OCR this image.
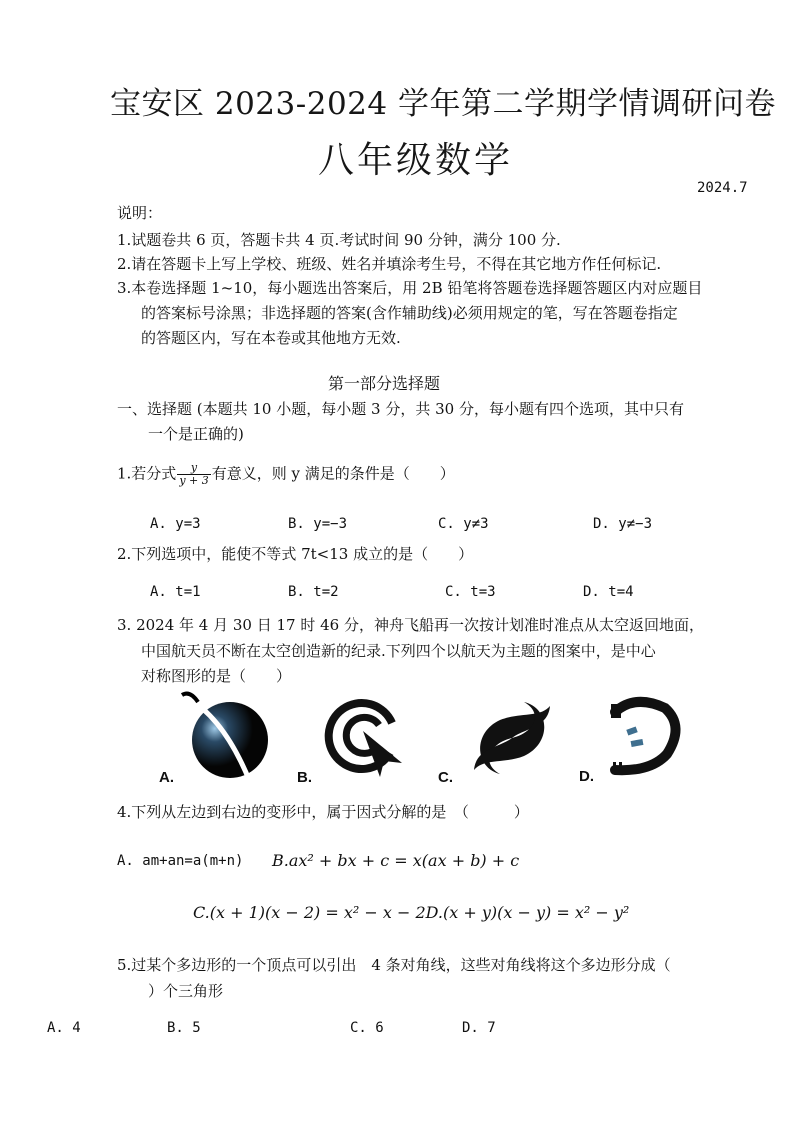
宝安区 2023-2024 学年第二学期学情调研问卷
八年级数学
2024.7
说明：
1.试题卷共 6 页，答题卡共 4 页.考试时间 90 分钟，满分 100 分.
2.请在答题卡上写上学校、班级、姓名并填涂考生号，不得在其它地方作任何标记.
3.本卷选择题 1~10，每小题选出答案后，用 2B 铅笔将答题卷选择题答题区内对应题目
的答案标号涂黑；非选择题的答案(含作辅助线)必须用规定的笔，写在答题卷指定
的答题区内，写在本卷或其他地方无效.
第一部分选择题
一、选择题 (本题共 10 小题，每小题 3 分，共 30 分，每小题有四个选项，其中只有
一个是正确的)
1.若分式 $\frac{y}{y + 3}$ 有意义，则 y 满足的条件是（　　）
A. y=3	B. y=−3	C. y≠3	D. y≠−3
2.下列选项中，能使不等式 7t<13 成立的是（　　）
A. t=1	B. t=2	C. t=3	D. t=4
3. 2024 年 4 月 30 日 17 时 46 分，神舟飞船再一次按计划准时准点从太空返回地面，
中国航天员不断在太空创造新的纪录.下列四个以航天为主题的图案中，是中心
对称图形的是（　　）
A.	B.	C.	D.
4.下列从左边到右边的变形中，属于因式分解的是　（　　　）
A. am+an=a(m+n) B.ax² + bx + c = x(ax + b) + c
C.(x + 1)(x − 2) = x² − x − 2D.(x + y)(x − y) = x² − y²
5.过某个多边形的一个顶点可以引出　4 条对角线，这些对角线将这个多边形分成（
）个三角形
A. 4	B. 5	C. 6	D. 7
